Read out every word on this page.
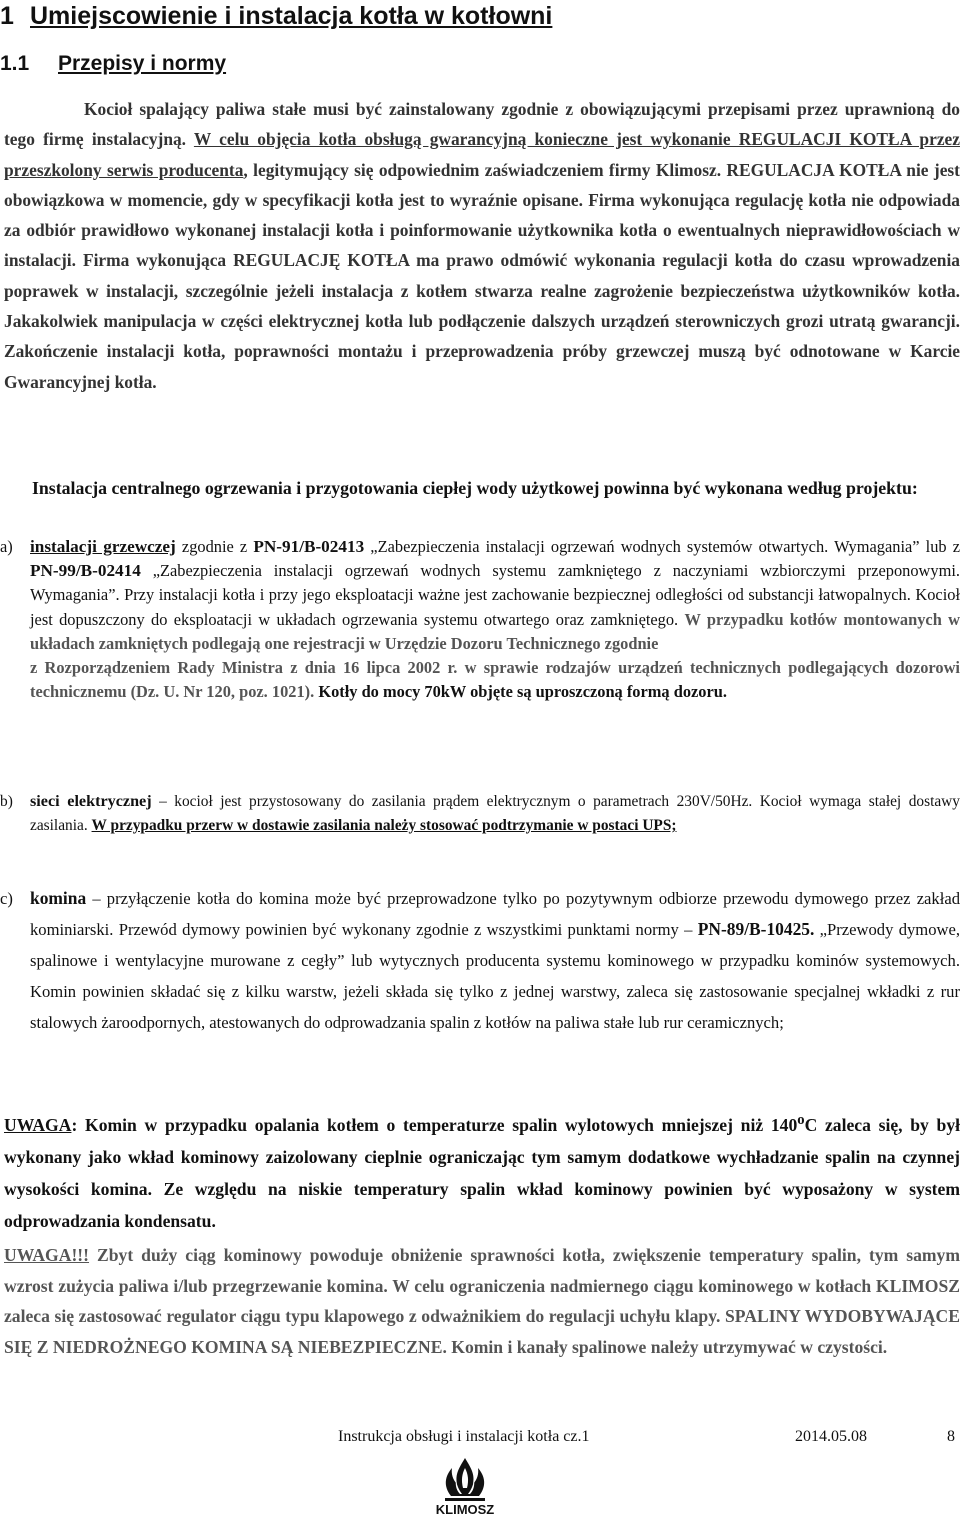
1 Umiejscowienie i instalacja kotła w kotłowni
1.1 Przepisy i normy

Kocioł spalający paliwa stałe musi być zainstalowany zgodnie z obowiązującymi przepisami przez uprawnioną do tego firmę instalacyjną. W celu objęcia kotła obsługą gwarancyjną konieczne jest wykonanie REGULACJI KOTŁA przez przeszkolony serwis producenta, legitymujący się odpowiednim zaświadczeniem firmy Klimosz. REGULACJA KOTŁA nie jest obowiązkowa w momencie, gdy w specyfikacji kotła jest to wyraźnie opisane. Firma wykonująca regulację kotła nie odpowiada za odbiór prawidłowo wykonanej instalacji kotła i poinformowanie użytkownika kotła o ewentualnych nieprawidłowościach w instalacji. Firma wykonująca REGULACJĘ KOTŁA ma prawo odmówić wykonania regulacji kotła do czasu wprowadzenia poprawek w instalacji, szczególnie jeżeli instalacja z kotłem stwarza realne zagrożenie bezpieczeństwa użytkowników kotła. Jakakolwiek manipulacja w części elektrycznej kotła lub podłączenie dalszych urządzeń sterowniczych grozi utratą gwarancji. Zakończenie instalacji kotła, poprawności montażu i przeprowadzenia próby grzewczej muszą być odnotowane w Karcie Gwarancyjnej kotła.

Instalacja centralnego ogrzewania i przygotowania ciepłej wody użytkowej powinna być wykonana według projektu:

a) instalacji grzewczej zgodnie z PN-91/B-02413 „Zabezpieczenia instalacji ogrzewań wodnych systemów otwartych. Wymagania” lub z PN-99/B-02414 „Zabezpieczenia instalacji ogrzewań wodnych systemu zamkniętego z naczyniami wzbiorczymi przeponowymi. Wymagania”. Przy instalacji kotła i przy jego eksploatacji ważne jest zachowanie bezpiecznej odległości od substancji łatwopalnych. Kocioł jest dopuszczony do eksploatacji w układach ogrzewania systemu otwartego oraz zamkniętego. W przypadku kotłów montowanych w układach zamkniętych podlegają one rejestracji w Urzędzie Dozoru Technicznego zgodnie
z Rozporządzeniem Rady Ministra z dnia 16 lipca 2002 r. w sprawie rodzajów urządzeń technicznych podlegających dozorowi technicznemu (Dz. U. Nr 120, poz. 1021). Kotły do mocy 70kW objęte są uproszczoną formą dozoru.
b) sieci elektrycznej – kocioł jest przystosowany do zasilania prądem elektrycznym o parametrach 230V/50Hz. Kocioł wymaga stałej dostawy zasilania. W przypadku przerw w dostawie zasilania należy stosować podtrzymanie w postaci UPS;
c) komina – przyłączenie kotła do komina może być przeprowadzone tylko po pozytywnym odbiorze przewodu dymowego przez zakład kominiarski. Przewód dymowy powinien być wykonany zgodnie z wszystkimi punktami normy – PN-89/B-10425. „Przewody dymowe, spalinowe i wentylacyjne murowane z cegły” lub wytycznych producenta systemu kominowego w przypadku kominów systemowych. Komin powinien składać się z kilku warstw, jeżeli składa się tylko z jednej warstwy, zaleca się zastosowanie specjalnej wkładki z rur stalowych żaroodpornych, atestowanych do odprowadzania spalin z kotłów na paliwa stałe lub rur ceramicznych;

UWAGA: Komin w przypadku opalania kotłem o temperaturze spalin wylotowych mniejszej niż 140$^o$C zaleca się, by był wykonany jako wkład kominowy zaizolowany cieplnie ograniczając tym samym dodatkowe wychładzanie spalin na czynnej wysokości komina. Ze względu na niskie temperatury spalin wkład kominowy powinien być wyposażony w system odprowadzania kondensatu.

UWAGA!!! Zbyt duży ciąg kominowy powoduje obniżenie sprawności kotła, zwiększenie temperatury spalin, tym samym wzrost zużycia paliwa i/lub przegrzewanie komina. W celu ograniczenia nadmiernego ciągu kominowego w kotłach KLIMOSZ zaleca się zastosować regulator ciągu typu klapowego z odważnikiem do regulacji uchyłu klapy. SPALINY WYDOBYWAJĄCE SIĘ Z NIEDROŻNEGO KOMINA SĄ NIEBEZPIECZNE. Komin i kanały spalinowe należy utrzymywać w czystości.

Instrukcja obsługi i instalacji kotła cz.1	2014.05.08	8
KLIMOSZ
